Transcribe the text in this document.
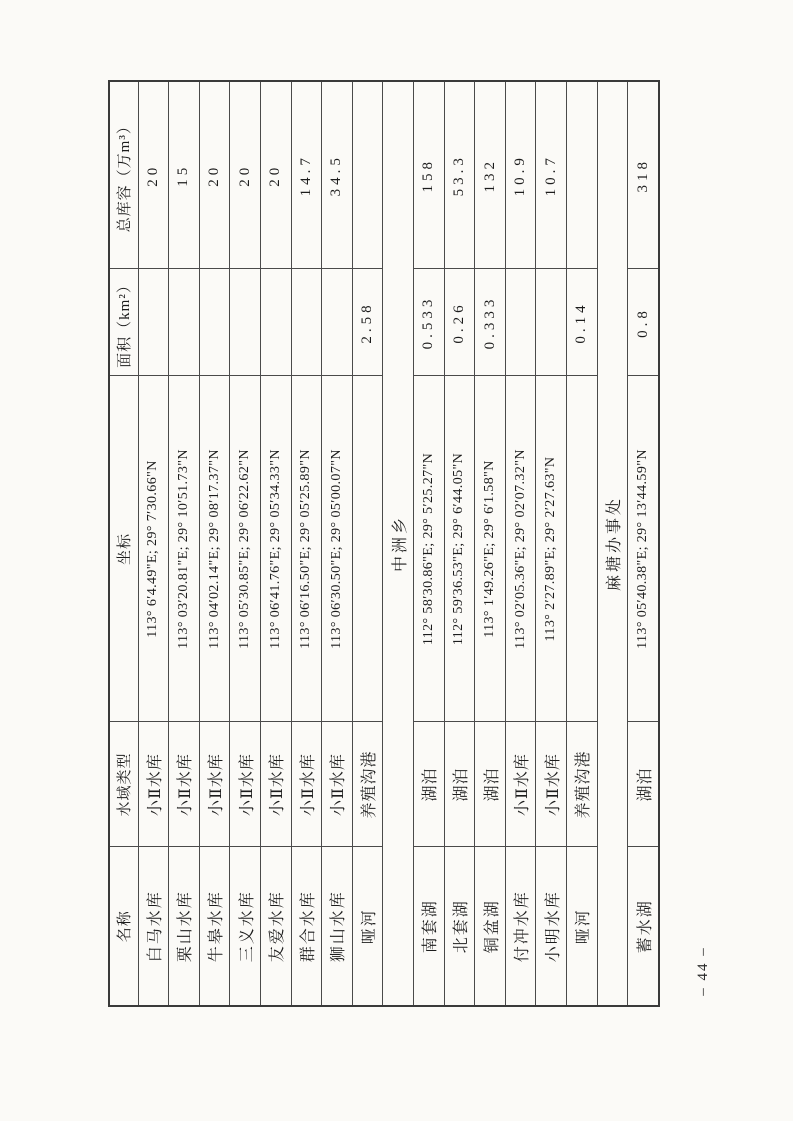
名称	水域类型	坐标	面积（km²）	总库容（万m³）
白马水库	小Ⅱ水库	113° 6′4.49"E; 29° 7′30.66"N		20
栗山水库	小Ⅱ水库	113° 03′20.81"E; 29° 10′51.73"N		15
牛皋水库	小Ⅱ水库	113° 04′02.14"E; 29° 08′17.37"N		20
三义水库	小Ⅱ水库	113° 05′30.85"E; 29° 06′22.62"N		20
友爱水库	小Ⅱ水库	113° 06′41.76"E; 29° 05′34.33"N		20
群合水库	小Ⅱ水库	113° 06′16.50"E; 29° 05′25.89"N		14.7
狮山水库	小Ⅱ水库	113° 06′30.50"E; 29° 05′00.07"N		34.5
哑河	养殖沟港		2.58	
中洲乡				
南套湖	湖泊	112° 58′30.86"E; 29° 5′25.27"N	0.533	158
北套湖	湖泊	112° 59′36.53"E; 29° 6′44.05"N	0.26	53.3
铜盆湖	湖泊	113° 1′49.26"E; 29° 6′1.58"N	0.333	132
付冲水库	小Ⅱ水库	113° 02′05.36"E; 29° 02′07.32"N		10.9
小明水库	小Ⅱ水库	113° 2′27.89"E; 29° 2′27.63"N		10.7
哑河	养殖沟港		0.14	
麻塘办事处				
蓄水湖	湖泊	113° 05′40.38"E; 29° 13′44.59"N	0.8	318
– 44 –
